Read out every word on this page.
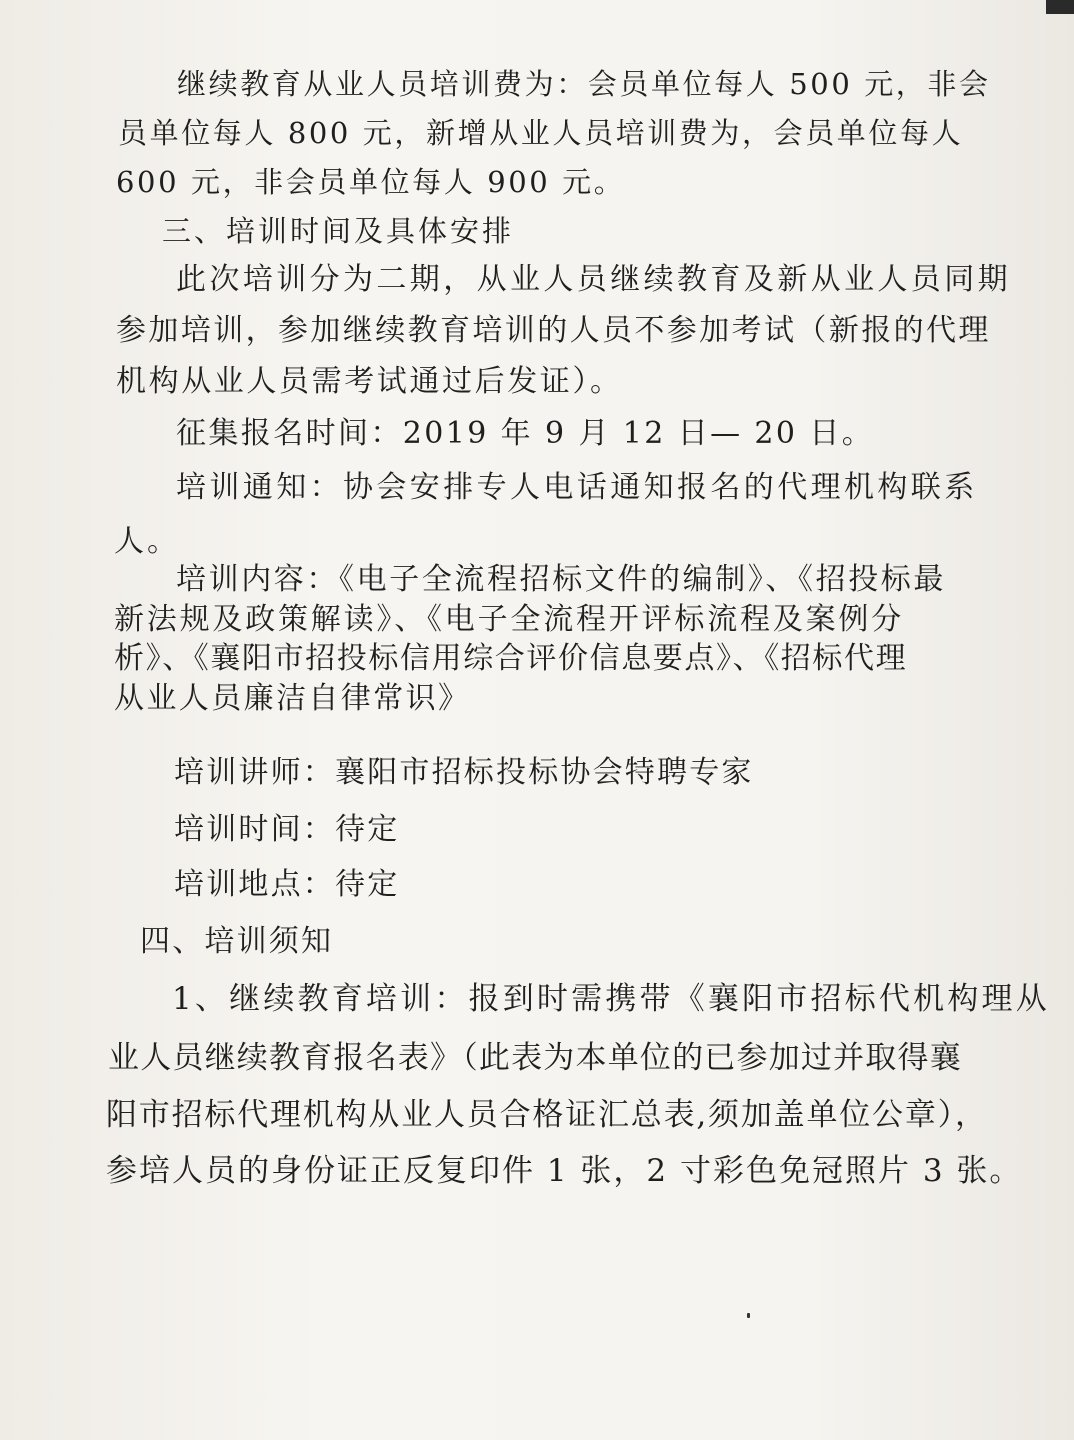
继续教育从业人员培训费为：会员单位每人 500 元，非会
员单位每人 800 元，新增从业人员培训费为，会员单位每人
600 元，非会员单位每人 900 元。
三、培训时间及具体安排
此次培训分为二期，从业人员继续教育及新从业人员同期
参加培训，参加继续教育培训的人员不参加考试（新报的代理
机构从业人员需考试通过后发证）。
征集报名时间：2019 年 9 月 12 日— 20 日。
培训通知：协会安排专人电话通知报名的代理机构联系
人。
培训内容：《电子全流程招标文件的编制》、《招投标最
新法规及政策解读》、《电子全流程开评标流程及案例分
析》、《襄阳市招投标信用综合评价信息要点》、《招标代理
从业人员廉洁自律常识》
培训讲师：襄阳市招标投标协会特聘专家
培训时间：待定
培训地点：待定
四、培训须知
1、继续教育培训：报到时需携带《襄阳市招标代机构理从
业人员继续教育报名表》（此表为本单位的已参加过并取得襄
阳市招标代理机构从业人员合格证汇总表,须加盖单位公章），
参培人员的身份证正反复印件 1 张，2 寸彩色免冠照片 3 张。
